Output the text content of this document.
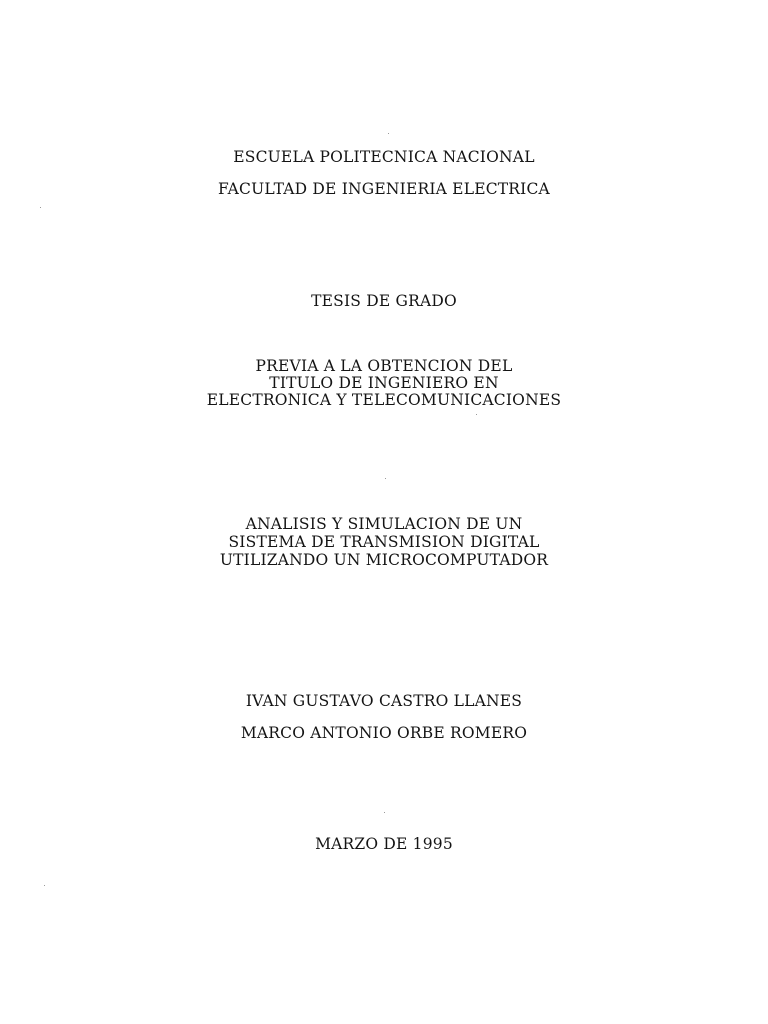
ESCUELA POLITECNICA NACIONAL
FACULTAD DE INGENIERIA ELECTRICA
TESIS DE GRADO
PREVIA A LA OBTENCION DEL
TITULO DE INGENIERO EN
ELECTRONICA Y TELECOMUNICACIONES
ANALISIS Y SIMULACION DE UN
SISTEMA DE TRANSMISION DIGITAL
UTILIZANDO UN MICROCOMPUTADOR
IVAN GUSTAVO CASTRO LLANES
MARCO ANTONIO ORBE ROMERO
MARZO DE 1995
